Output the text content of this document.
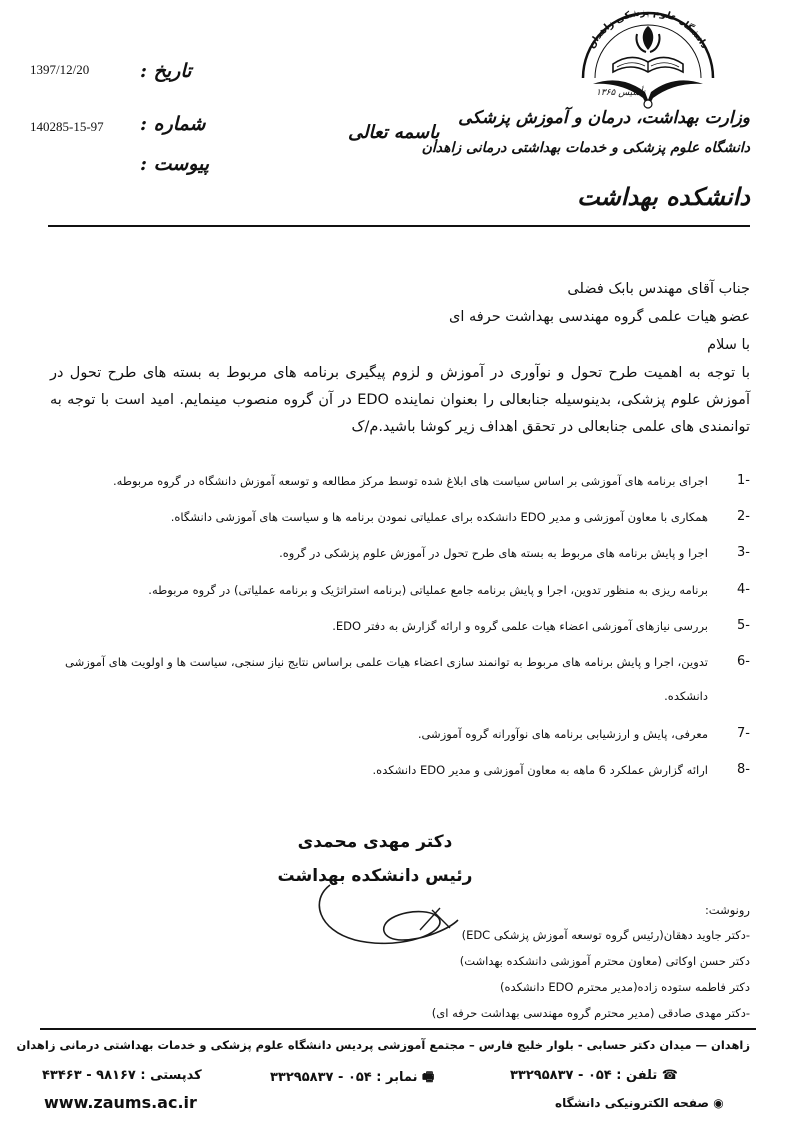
1397/12/20	تاریخ :
140285-15-97 شماره :
پیوست :
باسمه تعالی
دانشگاه علوم پزشکی زاهدان
تأسیس ۱۳۶۵
وزارت بهداشت، درمان و آموزش پزشکی
دانشگاه علوم پزشکی و خدمات بهداشتی درمانی زاهدان
دانشکده بهداشت
جناب آقای مهندس بابک فضلی
عضو هیات علمی گروه مهندسی بهداشت حرفه ای
با سلام
با توجه به اهمیت طرح تحول و نوآوری در آموزش و لزوم پیگیری برنامه های مربوط به بسته های طرح تحول در آموزش علوم پزشکی، بدینوسیله جنابعالی را بعنوان نماینده EDO در آن گروه منصوب مینمایم. امید است با توجه به توانمندی های علمی جنابعالی در تحقق اهداف زیر کوشا باشید.م/ک
-1
اجرای برنامه های آموزشی بر اساس سیاست های ابلاغ شده توسط مرکز مطالعه و توسعه آموزش دانشگاه در گروه مربوطه.
-2
همکاری با معاون آموزشی و مدیر EDO دانشکده برای عملیاتی نمودن برنامه ها و سیاست های آموزشی دانشگاه.
-3
اجرا و پایش برنامه های مربوط به بسته های طرح تحول در آموزش علوم پزشکی در گروه.
-4
برنامه ریزی به منظور تدوین، اجرا و پایش برنامه جامع عملیاتی (برنامه استراتژیک و برنامه عملیاتی) در گروه مربوطه.
-5
بررسی نیازهای آموزشی اعضاء هیات علمی گروه و ارائه گزارش به دفتر EDO.
-6
تدوین، اجرا و پایش برنامه های مربوط به توانمند سازی اعضاء هیات علمی براساس نتایج نیاز سنجی، سیاست ها و اولویت های آموزشی دانشکده.
-7
معرفی، پایش و ارزشیابی برنامه های نوآورانه گروه آموزشی.
-8
ارائه گزارش عملکرد 6 ماهه به معاون آموزشی و مدیر EDO دانشکده.
دکتر مهدی محمدی
رئیس دانشکده بهداشت
رونوشت:
-دکتر جاوید دهقان(رئیس گروه توسعه آموزش پزشکی EDC)
دکتر حسن اوکاتی (معاون محترم آموزشی دانشکده بهداشت)
دکتر فاطمه ستوده زاده(مدیر محترم EDO دانشکده)
-دکتر مهدی صادقی (مدیر محترم گروه مهندسی بهداشت حرفه ای)
زاهدان — میدان دکتر حسابی - بلوار خلیج فارس – مجتمع آموزشی پردیس دانشگاه علوم پزشکی و خدمات بهداشتی درمانی زاهدان
☎ تلفن : ۰۵۴ - ۳۳۲۹۵۸۳۷
🖷 نمابر : ۰۵۴ - ۳۳۲۹۵۸۳۷
کدپستی : ۹۸۱۶۷ - ۴۳۴۶۳
◉ صفحه الکترونیکی دانشگاه
www.zaums.ac.ir
